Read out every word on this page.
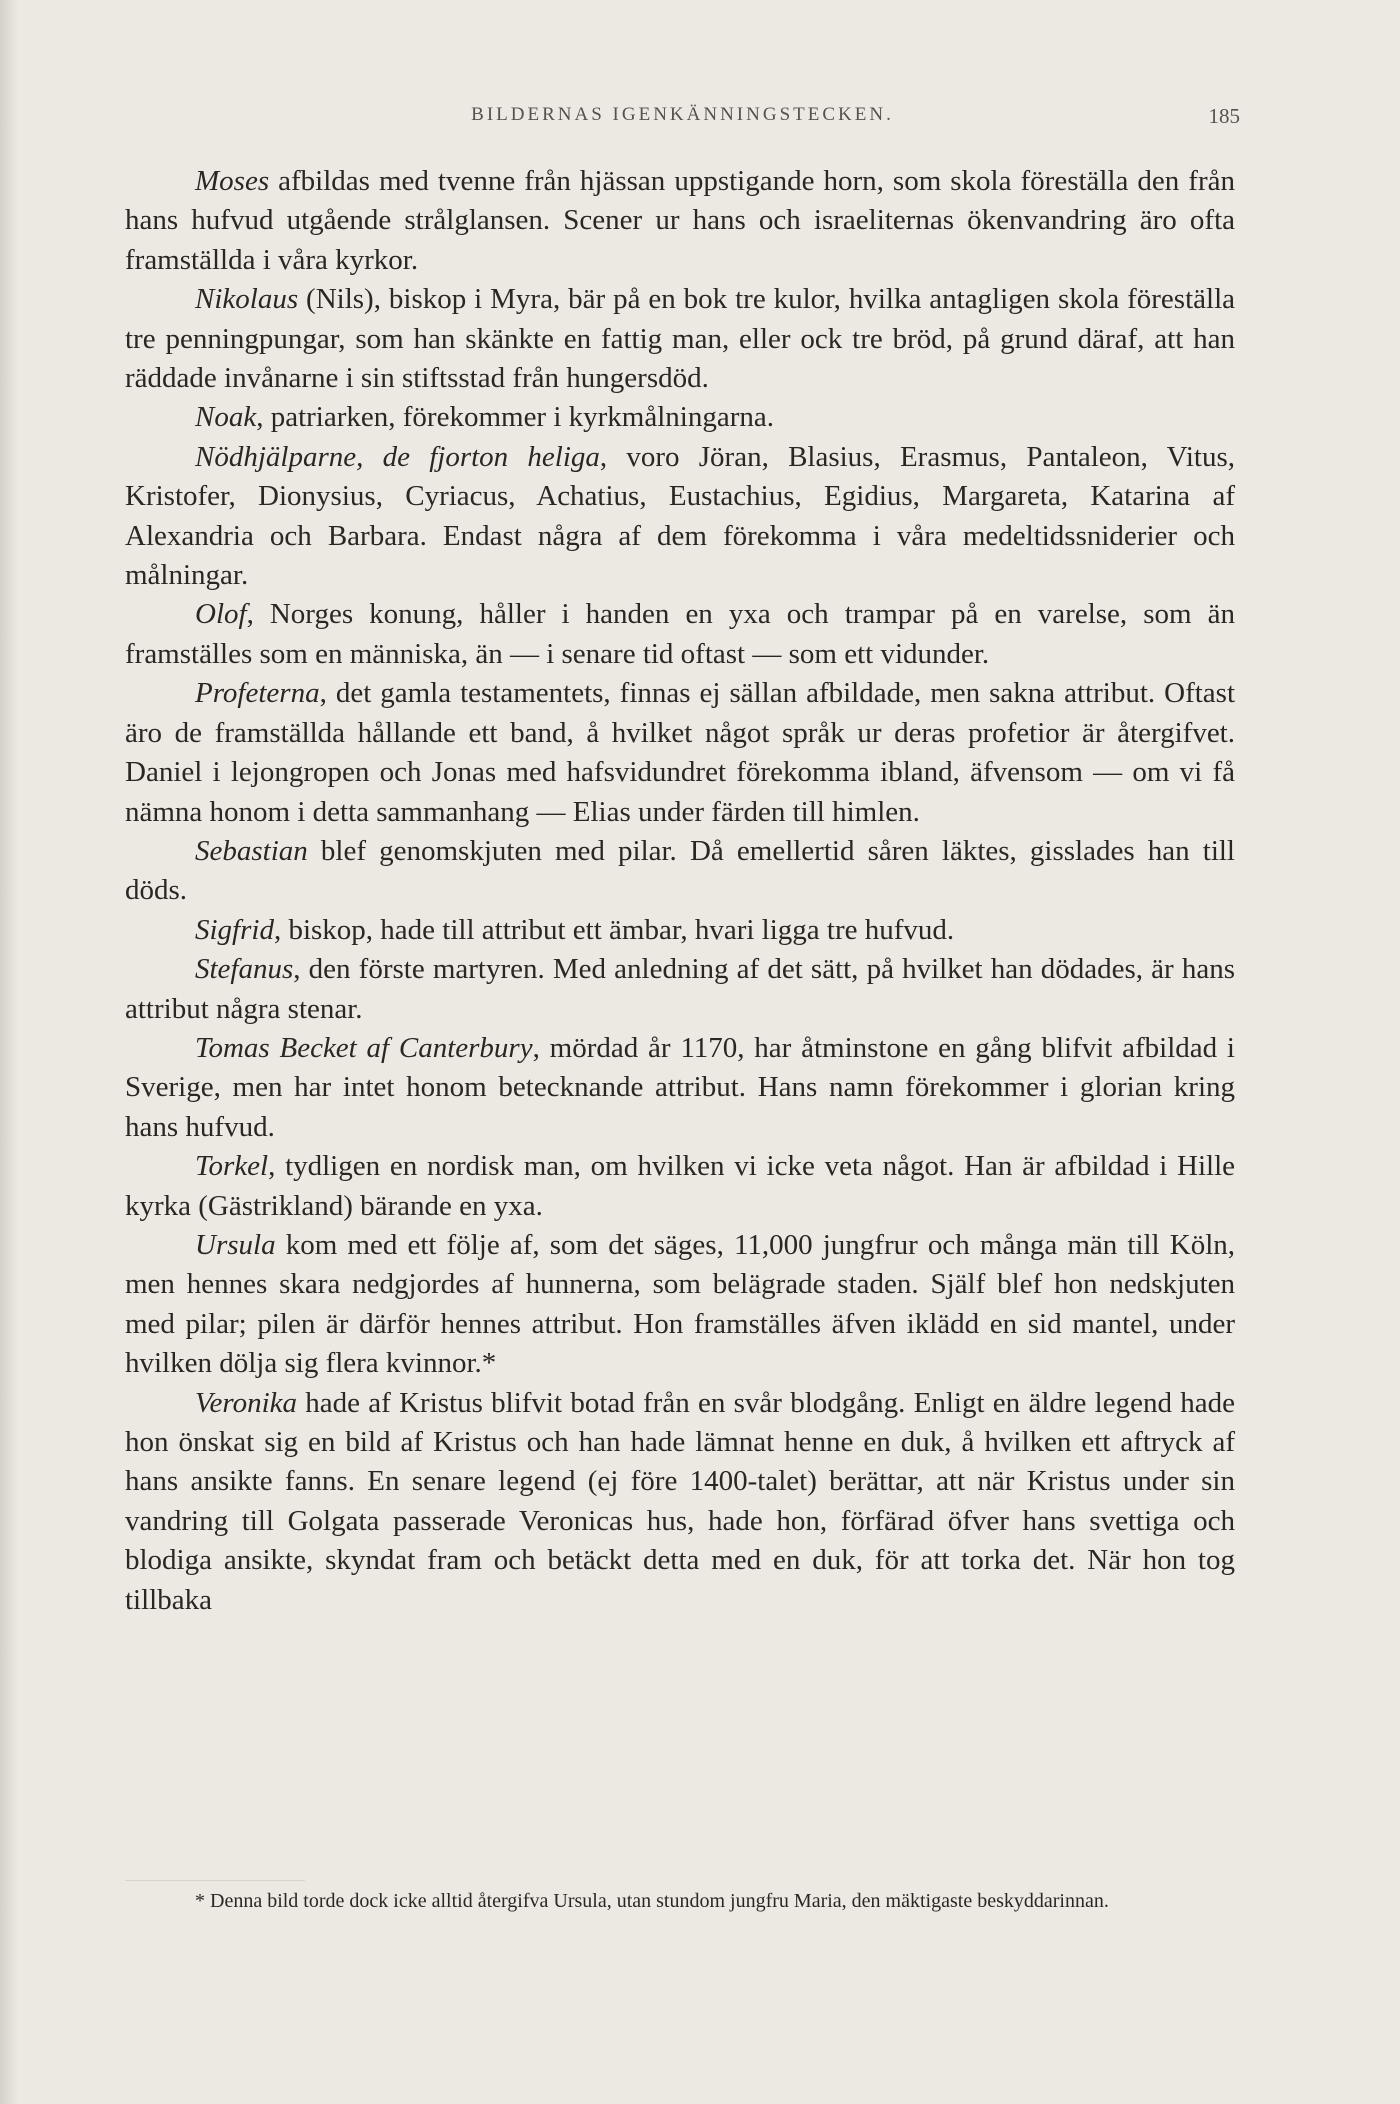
BILDERNAS IGENKÄNNINGSTECKEN.	185

Moses afbildas med tvenne från hjässan uppstigande horn, som skola föreställa den från hans hufvud utgående strålglansen. Scener ur hans och israeliternas ökenvandring äro ofta framställda i våra kyrkor.

Nikolaus (Nils), biskop i Myra, bär på en bok tre kulor, hvilka antagligen skola föreställa tre penningpungar, som han skänkte en fattig man, eller ock tre bröd, på grund däraf, att han räddade invånarne i sin stiftsstad från hungersdöd.

Noak, patriarken, förekommer i kyrkmålningarna.

Nödhjälparne, de fjorton heliga, voro Jöran, Blasius, Erasmus, Pantaleon, Vitus, Kristofer, Dionysius, Cyriacus, Achatius, Eustachius, Egidius, Margareta, Katarina af Alexandria och Barbara. Endast några af dem förekomma i våra medeltidssniderier och målningar.

Olof, Norges konung, håller i handen en yxa och trampar på en varelse, som än framställes som en människa, än — i senare tid oftast — som ett vidunder.

Profeterna, det gamla testamentets, finnas ej sällan afbildade, men sakna attribut. Oftast äro de framställda hållande ett band, å hvilket något språk ur deras profetior är återgifvet. Daniel i lejongropen och Jonas med hafsvidundret förekomma ibland, äfvensom — om vi få nämna honom i detta sammanhang — Elias under färden till himlen.

Sebastian blef genomskjuten med pilar. Då emellertid såren läktes, gisslades han till döds.

Sigfrid, biskop, hade till attribut ett ämbar, hvari ligga tre hufvud.

Stefanus, den förste martyren. Med anledning af det sätt, på hvilket han dödades, är hans attribut några stenar.

Tomas Becket af Canterbury, mördad år 1170, har åtminstone en gång blifvit afbildad i Sverige, men har intet honom betecknande attribut. Hans namn förekommer i glorian kring hans hufvud.

Torkel, tydligen en nordisk man, om hvilken vi icke veta något. Han är afbildad i Hille kyrka (Gästrikland) bärande en yxa.

Ursula kom med ett följe af, som det säges, 11,000 jungfrur och många män till Köln, men hennes skara nedgjordes af hunnerna, som belägrade staden. Själf blef hon nedskjuten med pilar; pilen är därför hennes attribut. Hon framställes äfven iklädd en sid mantel, under hvilken dölja sig flera kvinnor.*

Veronika hade af Kristus blifvit botad från en svår blodgång. Enligt en äldre legend hade hon önskat sig en bild af Kristus och han hade lämnat henne en duk, å hvilken ett aftryck af hans ansikte fanns. En senare legend (ej före 1400-talet) berättar, att när Kristus under sin vandring till Golgata passerade Veronicas hus, hade hon, förfärad öfver hans svettiga och blodiga ansikte, skyndat fram och betäckt detta med en duk, för att torka det. När hon tog tillbaka

* Denna bild torde dock icke alltid återgifva Ursula, utan stundom jungfru Maria, den mäktigaste beskyddarinnan.
